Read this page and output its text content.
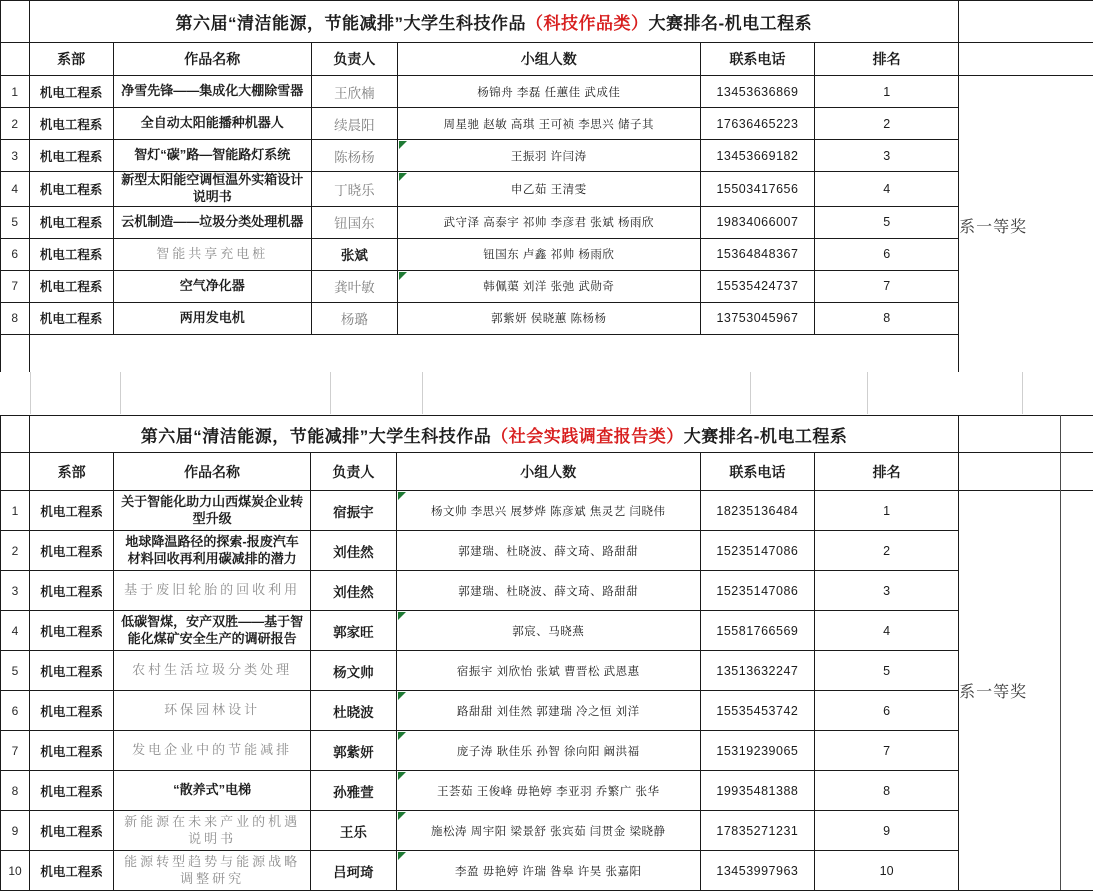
	第六届“清洁能源，节能减排”大学生科技作品（科技作品类）大赛排名-机电工程系						
	系部	作品名称	负责人	小组人数	联系电话	排名	
1	机电工程系	净雪先锋——集成化大棚除雪器	王欣楠	杨锦舟 李磊 任蕙佳 武成佳	13453636869	1	系一等奖
2	机电工程系	全自动太阳能播种机器人	续晨阳	周星驰 赵敏 高琪 王可祯 李思兴 储子其	17636465223	2	
3	机电工程系	智灯“碳”路—智能路灯系统	陈杨杨	王振羽 许闫涛	13453669182	3	
4	机电工程系	新型太阳能空调恒温外实箱设计说明书	丁晓乐	申乙茹 王清雯	15503417656	4	
5	机电工程系	云机制造——垃圾分类处理机器	钮国东	武守泽 高泰宇 祁帅 李彦君 张斌 杨雨欣	19834066007	5	
6	机电工程系	智能共享充电桩	张斌	钮国东 卢鑫 祁帅 杨雨欣	15364848367	6	
7	机电工程系	空气净化器	龚叶敏	韩佩蕖 刘洋 张弛 武勋奇	15535424737	7	
8	机电工程系	两用发电机	杨璐	郭紫妍 侯晓蕙 陈杨杨	13753045967	8	

	第六届“清洁能源，节能减排”大学生科技作品（社会实践调查报告类）大赛排名-机电工程系						
	系部	作品名称	负责人	小组人数	联系电话	排名	
1	机电工程系	关于智能化助力山西煤炭企业转型升级	宿振宇	杨文帅 李思兴 展梦烨 陈彦斌 焦灵艺 闫晓伟	18235136484	1	系一等奖
2	机电工程系	地球降温路径的探索-报废汽车材料回收再利用碳减排的潜力	刘佳然	郭建瑞、杜晓波、薛文琦、路甜甜	15235147086	2	
3	机电工程系	基于废旧轮胎的回收利用	刘佳然	郭建瑞、杜晓波、薛文琦、路甜甜	15235147086	3	
4	机电工程系	低碳智煤，安产双胜——基于智能化煤矿安全生产的调研报告	郭家旺	郭宸、马晓燕	15581766569	4	
5	机电工程系	农村生活垃圾分类处理	杨文帅	宿振宇 刘欣怡 张斌 曹晋松 武恩惠	13513632247	5	
6	机电工程系	环保园林设计	杜晓波	路甜甜 刘佳然 郭建瑞 冷之恒 刘洋	15535453742	6	
7	机电工程系	发电企业中的节能减排	郭紫妍	庞子涛 耿佳乐 孙智 徐向阳 阚洪福	15319239065	7	
8	机电工程系	“散养式”电梯	孙雅萱	王荟茹 王俊峰 毋艳婷 李亚羽 乔繁广 张华	19935481388	8	
9	机电工程系	新能源在未来产业的机遇说明书	王乐	施松涛 周宇阳 梁景舒 张宾茹 闫贯金 梁晓静	17835271231	9	
10	机电工程系	能源转型趋势与能源战略调整研究	吕珂琦	李盈 毋艳婷 许瑞 昝皋 许昊 张嘉阳	13453997963	10	
